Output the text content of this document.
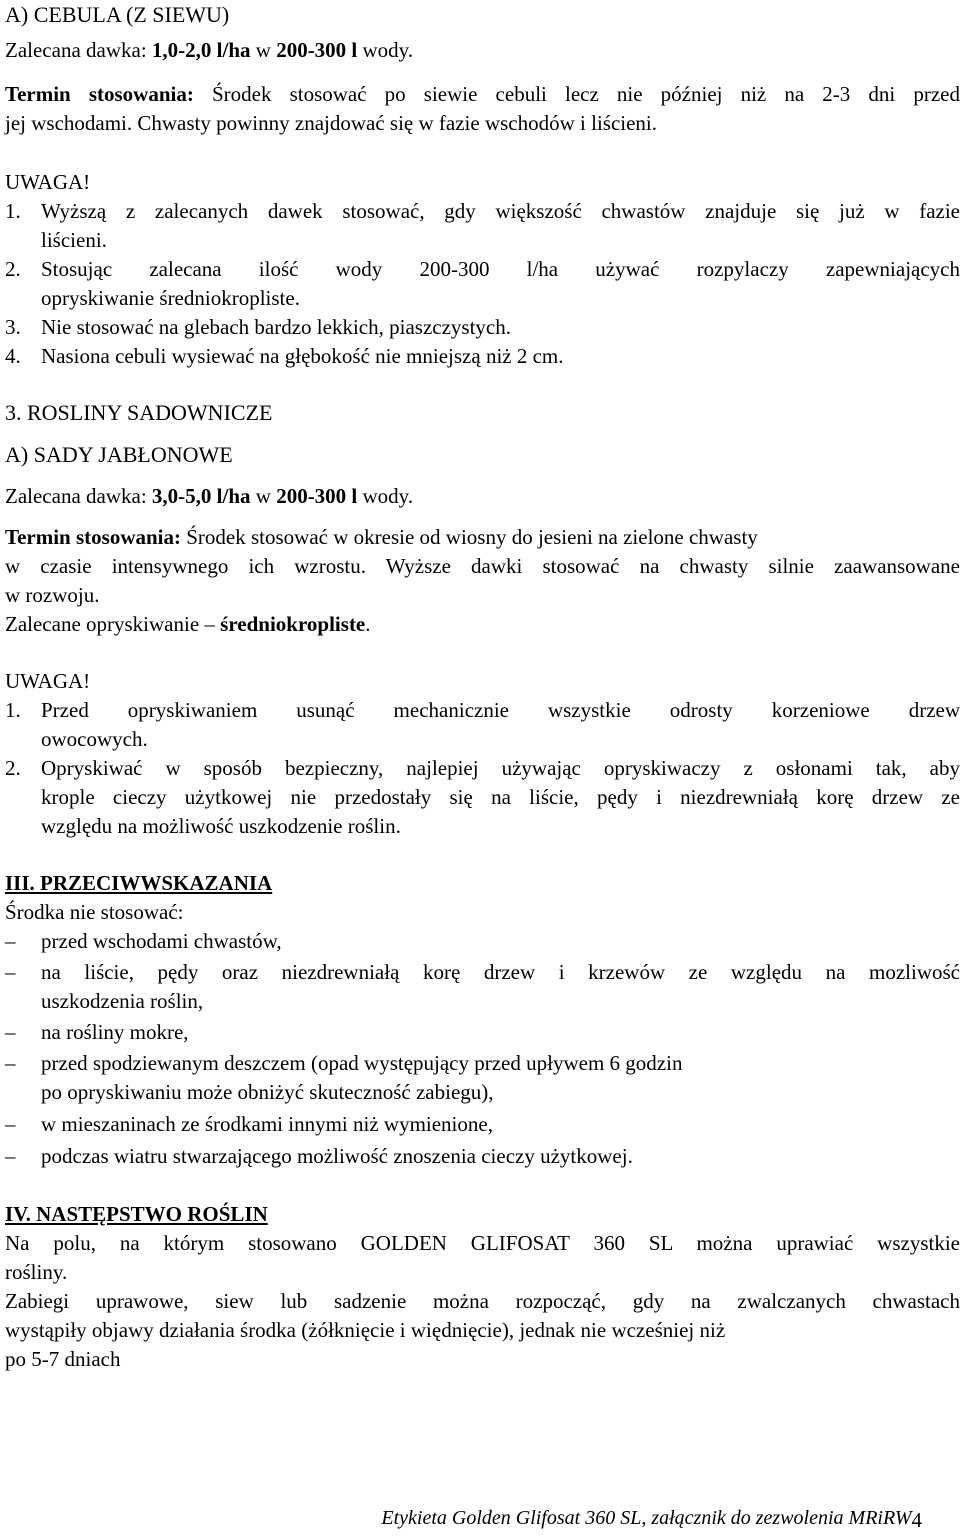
A) CEBULA (Z SIEWU)
Zalecana dawka: 1,0-2,0 l/ha w 200-300 l wody.
Termin stosowania: Środek stosować po siewie cebuli lecz nie później niż na 2-3 dni przed
jej wschodami. Chwasty powinny znajdować się w fazie wschodów i liścieni.
UWAGA!
1. Wyższą z zalecanych dawek stosować, gdy większość chwastów znajduje się już w fazie
liścieni.
2. Stosując zalecana ilość wody 200-300 l/ha używać rozpylaczy zapewniających
opryskiwanie średniokropliste.
3. Nie stosować na glebach bardzo lekkich, piaszczystych.
4. Nasiona cebuli wysiewać na głębokość nie mniejszą niż 2 cm.
3. ROSLINY SADOWNICZE
A) SADY JABŁONOWE
Zalecana dawka: 3,0-5,0 l/ha w 200-300 l wody.
Termin stosowania: Środek stosować w okresie od wiosny do jesieni na zielone chwasty
w czasie intensywnego ich wzrostu. Wyższe dawki stosować na chwasty silnie zaawansowane
w rozwoju.
Zalecane opryskiwanie – średniokropliste.
UWAGA!
1. Przed opryskiwaniem usunąć mechanicznie wszystkie odrosty korzeniowe drzew
owocowych.
2. Opryskiwać w sposób bezpieczny, najlepiej używając opryskiwaczy z osłonami tak, aby
krople cieczy użytkowej nie przedostały się na liście, pędy i niezdrewniałą korę drzew ze
względu na możliwość uszkodzenie roślin.
III. PRZECIWWSKAZANIA
Środka nie stosować:
– przed wschodami chwastów,
– na liście, pędy oraz niezdrewniałą korę drzew i krzewów ze względu na mozliwość
uszkodzenia roślin,
– na rośliny mokre,
– przed spodziewanym deszczem (opad występujący przed upływem 6 godzin
po opryskiwaniu może obniżyć skuteczność zabiegu),
– w mieszaninach ze środkami innymi niż wymienione,
– podczas wiatru stwarzającego możliwość znoszenia cieczy użytkowej.
IV. NASTĘPSTWO ROŚLIN
Na polu, na którym stosowano GOLDEN GLIFOSAT 360 SL można uprawiać wszystkie
rośliny.
Zabiegi uprawowe, siew lub sadzenie można rozpocząć, gdy na zwalczanych chwastach
wystąpiły objawy działania środka (żółknięcie i więdnięcie), jednak nie wcześniej niż
po 5-7 dniach
Etykieta Golden Glifosat 360 SL, załącznik do zezwolenia MRiRW4
